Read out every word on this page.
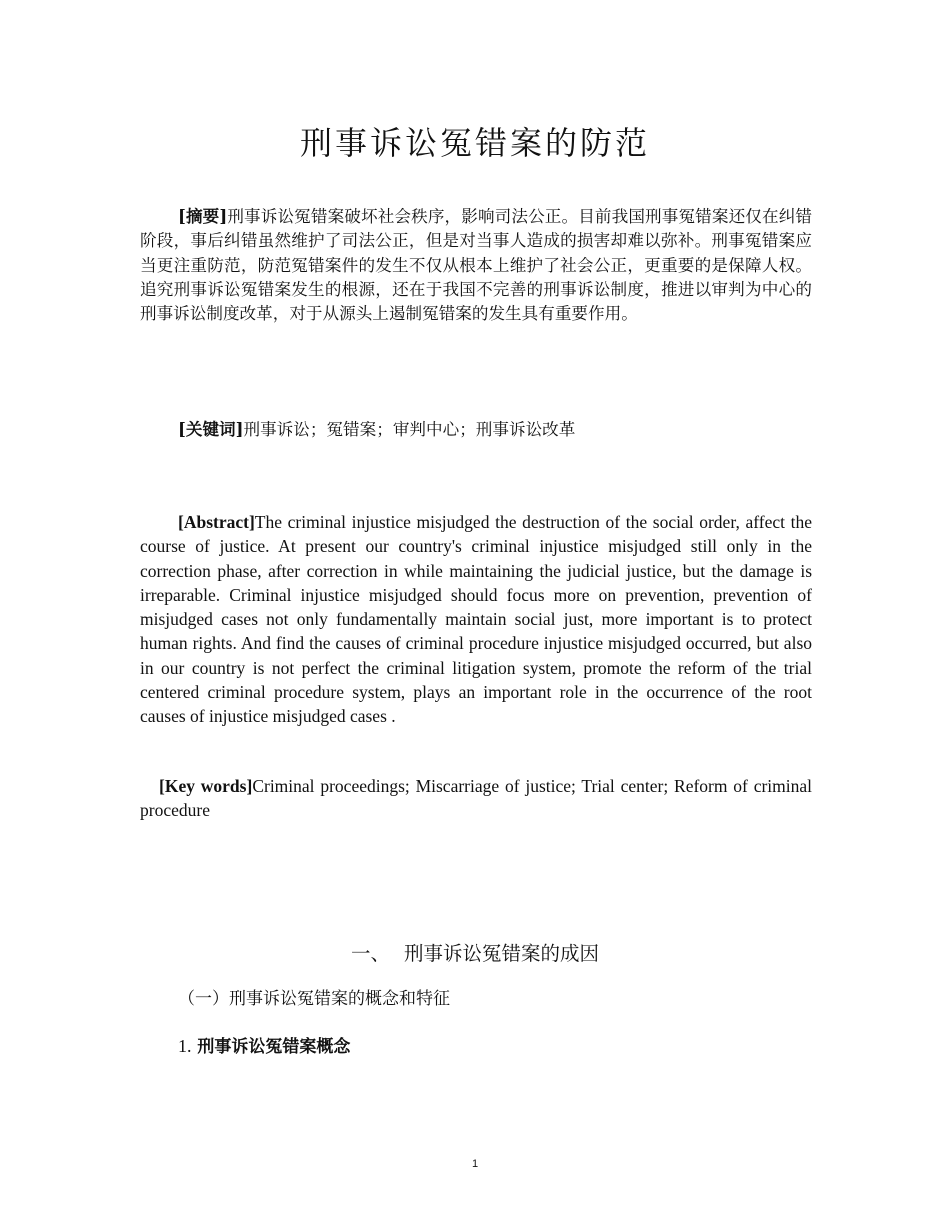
刑事诉讼冤错案的防范
[摘要]刑事诉讼冤错案破坏社会秩序，影响司法公正。目前我国刑事冤错案还仅在纠错阶段，事后纠错虽然维护了司法公正，但是对当事人造成的损害却难以弥补。刑事冤错案应当更注重防范，防范冤错案件的发生不仅从根本上维护了社会公正，更重要的是保障人权。追究刑事诉讼冤错案发生的根源，还在于我国不完善的刑事诉讼制度，推进以审判为中心的刑事诉讼制度改革，对于从源头上遏制冤错案的发生具有重要作用。
[关键词]刑事诉讼；冤错案；审判中心；刑事诉讼改革
[Abstract]The criminal injustice misjudged the destruction of the social order, affect the course of justice. At present our country's criminal injustice misjudged still only in the correction phase, after correction in while maintaining the judicial justice, but the damage is irreparable. Criminal injustice misjudged should focus more on prevention, prevention of misjudged cases not only fundamentally maintain social just, more important is to protect human rights. And find the causes of criminal procedure injustice misjudged occurred, but also in our country is not perfect the criminal litigation system, promote the reform of the trial centered criminal procedure system, plays an important role in the occurrence of the root causes of injustice misjudged cases .
[Key words]Criminal proceedings; Miscarriage of justice; Trial center; Reform of criminal procedure
一、 刑事诉讼冤错案的成因
（一）刑事诉讼冤错案的概念和特征
1. 刑事诉讼冤错案概念
1
